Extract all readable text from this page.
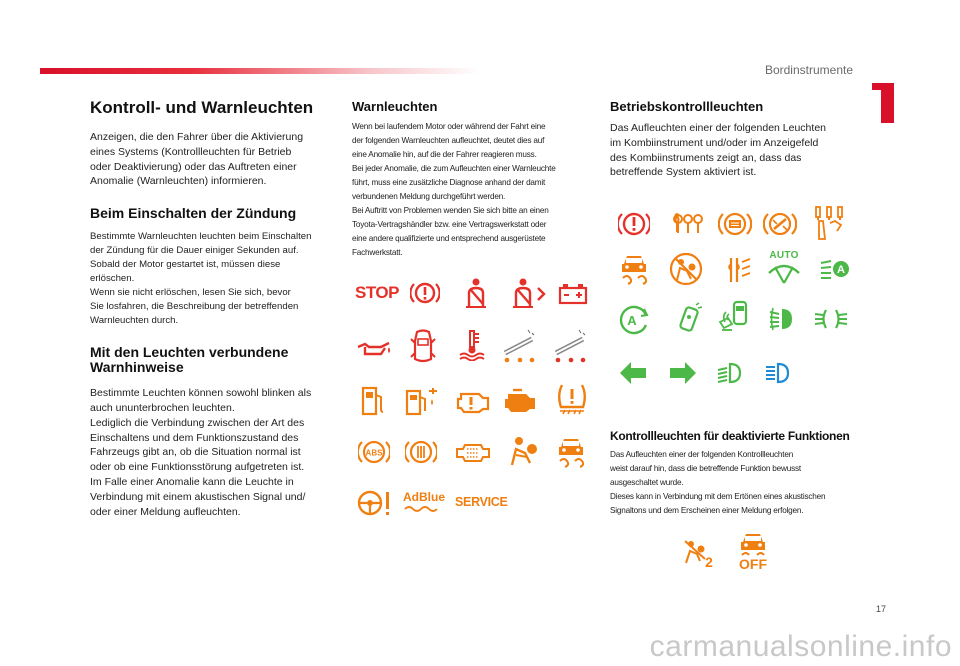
Bordinstrumente
Kontroll- und Warnleuchten

Anzeigen, die den Fahrer über die Aktivierung

eines Systems (Kontrollleuchten für Betrieb

oder Deaktivierung) oder das Auftreten einer

Anomalie (Warnleuchten) informieren.

Beim Einschalten der Zündung

Bestimmte Warnleuchten leuchten beim Einschalten

der Zündung für die Dauer einiger Sekunden auf.

Sobald der Motor gestartet ist, müssen diese

erlöschen.

Wenn sie nicht erlöschen, lesen Sie sich, bevor

Sie losfahren, die Beschreibung der betreffenden

Warnleuchten durch.

Mit den Leuchten verbundene
Warnhinweise

Bestimmte Leuchten können sowohl blinken als

auch ununterbrochen leuchten.

Lediglich die Verbindung zwischen der Art des

Einschaltens und dem Funktionszustand des

Fahrzeugs gibt an, ob die Situation normal ist

oder ob eine Funktionsstörung aufgetreten ist.

Im Falle einer Anomalie kann die Leuchte in

Verbindung mit einem akustischen Signal und/

oder einer Meldung aufleuchten.

Warnleuchten

Wenn bei laufendem Motor oder während der Fahrt eine

der folgenden Warnleuchten aufleuchtet, deutet dies auf

eine Anomalie hin, auf die der Fahrer reagieren muss.

Bei jeder Anomalie, die zum Aufleuchten einer Warnleuchte

führt, muss eine zusätzliche Diagnose anhand der damit

verbundenen Meldung durchgeführt werden.

Bei Auftritt von Problemen wenden Sie sich bitte an einen

Toyota-Vertragshändler bzw. eine Vertragswerkstatt oder

eine andere qualifizierte und entsprechend ausgerüstete

Fachwerkstatt.

STOP
ABS
AdBlue SERVICE
Betriebskontrollleuchten

Das Aufleuchten einer der folgenden Leuchten

im Kombiinstrument und/oder im Anzeigefeld

des Kombiinstruments zeigt an, dass das

betreffende System aktiviert ist.

AUTO
A
A
Kontrollleuchten für deaktivierte Funktionen

Das Aufleuchten einer der folgenden Kontrollleuchten

weist darauf hin, dass die betreffende Funktion bewusst

ausgeschaltet wurde.

Dieses kann in Verbindung mit dem Ertönen eines akustischen

Signaltons und dem Erscheinen einer Meldung erfolgen.

2 OFF
17
carmanualsonline.info
